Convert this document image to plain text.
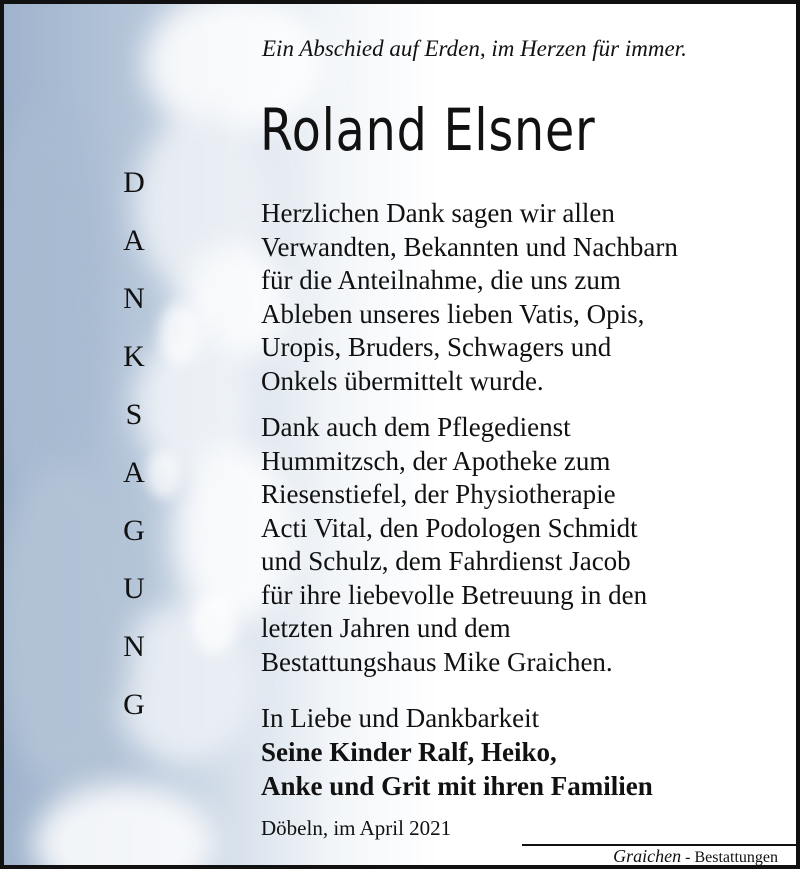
Ein Abschied auf Erden, im Herzen für immer.
Roland Elsner
D
A
N
K
S
A
G
U
N
G

Herzlichen Dank sagen wir allen
Verwandten, Bekannten und Nachbarn
für die Anteilnahme, die uns zum
Ableben unseres lieben Vatis, Opis,
Uropis, Bruders, Schwagers und
Onkels übermittelt wurde.

Dank auch dem Pflegedienst
Hummitzsch, der Apotheke zum
Riesenstiefel, der Physiotherapie
Acti Vital, den Podologen Schmidt
und Schulz, dem Fahrdienst Jacob
für ihre liebevolle Betreuung in den
letzten Jahren und dem
Bestattungshaus Mike Graichen.

In Liebe und Dankbarkeit
Seine Kinder Ralf, Heiko,
Anke und Grit mit ihren Familien
Döbeln, im April 2021
Graichen - Bestattungen
